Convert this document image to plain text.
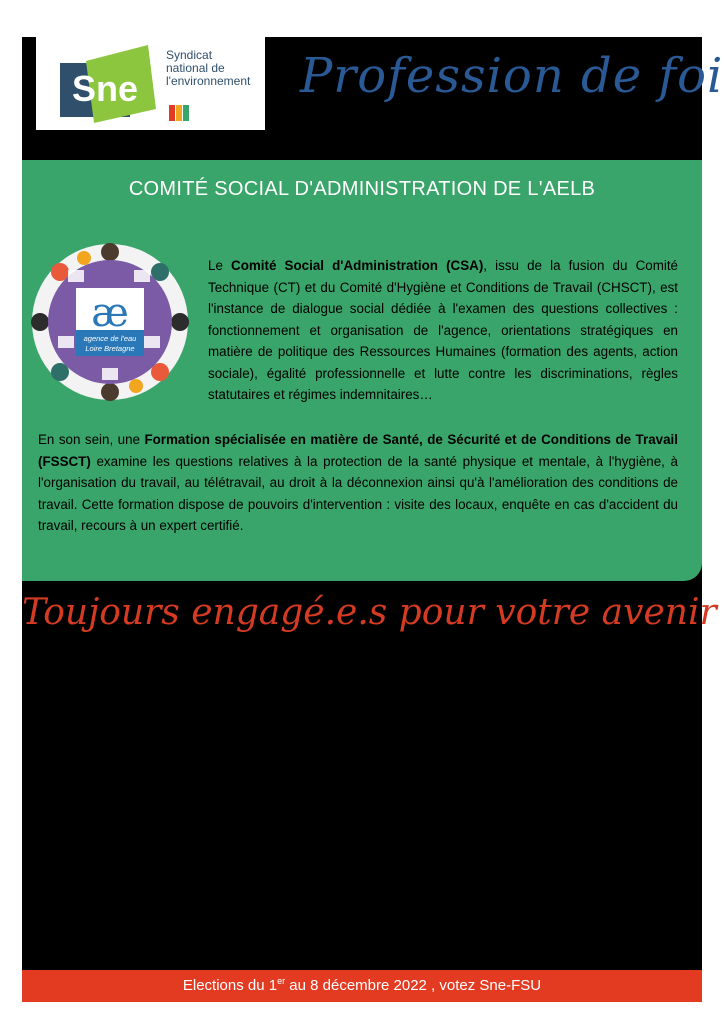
Sne
Syndicat
national de
l'environnement Profession de foi
COMITÉ SOCIAL D'ADMINISTRATION DE L'AELB
æ
agence de l'eau
Loire Bretagne
Le Comité Social d'Administration (CSA), issu de la fusion du Comité Technique (CT) et du Comité d'Hygiène et Conditions de Travail (CHSCT), est l'instance de dialogue social dédiée à l'examen des questions collectives : fonctionnement et organisation de l'agence, orientations stratégiques en matière de politique des Ressources Humaines (formation des agents, action sociale), égalité professionnelle et lutte contre les discriminations, règles statutaires et régimes indemnitaires…
En son sein, une Formation spécialisée en matière de Santé, de Sécurité et de Conditions de Travail (FSSCT) examine les questions relatives à la protection de la santé physique et mentale, à l'hygiène, à l'organisation du travail, au télétravail, au droit à la déconnexion ainsi qu'à l'amélioration des conditions de travail. Cette formation dispose de pouvoirs d'intervention : visite des locaux, enquête en cas d'accident du travail, recours à un expert certifié.
Toujours engagé.e.s pour votre avenir
Elections du 1er au 8 décembre 2022 , votez Sne-FSU
